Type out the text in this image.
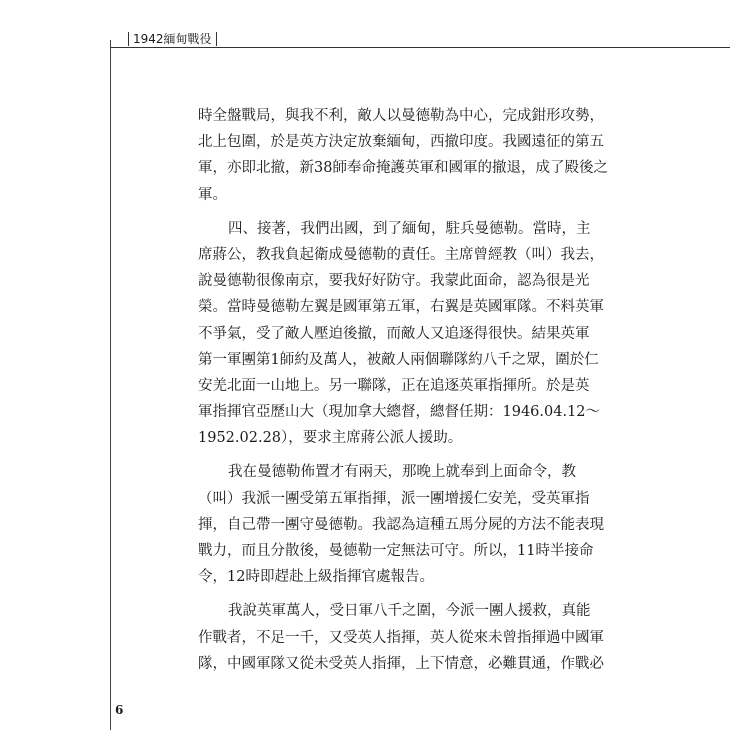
1942緬甸戰役
時全盤戰局，與我不利，敵人以曼德勒為中心，完成鉗形攻勢，
北上包圍，於是英方決定放棄緬甸，西撤印度。我國遠征的第五
軍，亦即北撤，新38師奉命掩護英軍和國軍的撤退，成了殿後之
軍。
四、接著，我們出國，到了緬甸，駐兵曼德勒。當時，主
席蔣公，教我負起衛成曼德勒的責任。主席曾經教（叫）我去，
說曼德勒很像南京，要我好好防守。我蒙此面命，認為很是光
榮。當時曼德勒左翼是國軍第五軍，右翼是英國軍隊。不料英軍
不爭氣，受了敵人壓迫後撤，而敵人又追逐得很快。結果英軍
第一軍團第1師約及萬人，被敵人兩個聯隊約八千之眾，圍於仁
安羌北面一山地上。另一聯隊，正在追逐英軍指揮所。於是英
軍指揮官亞歷山大（現加拿大總督，總督任期：1946.04.12～
1952.02.28），要求主席蔣公派人援助。
我在曼德勒佈置才有兩天，那晚上就奉到上面命令，教
（叫）我派一團受第五軍指揮，派一團增援仁安羌，受英軍指
揮，自己帶一團守曼德勒。我認為這種五馬分屍的方法不能表現
戰力，而且分散後，曼德勒一定無法可守。所以，11時半接命
令，12時即趕赴上級指揮官處報告。
我說英軍萬人，受日軍八千之圍，今派一團人援救，真能
作戰者，不足一千，又受英人指揮，英人從來未曾指揮過中國軍
隊，中國軍隊又從未受英人指揮，上下情意，必難貫通，作戰必
6
